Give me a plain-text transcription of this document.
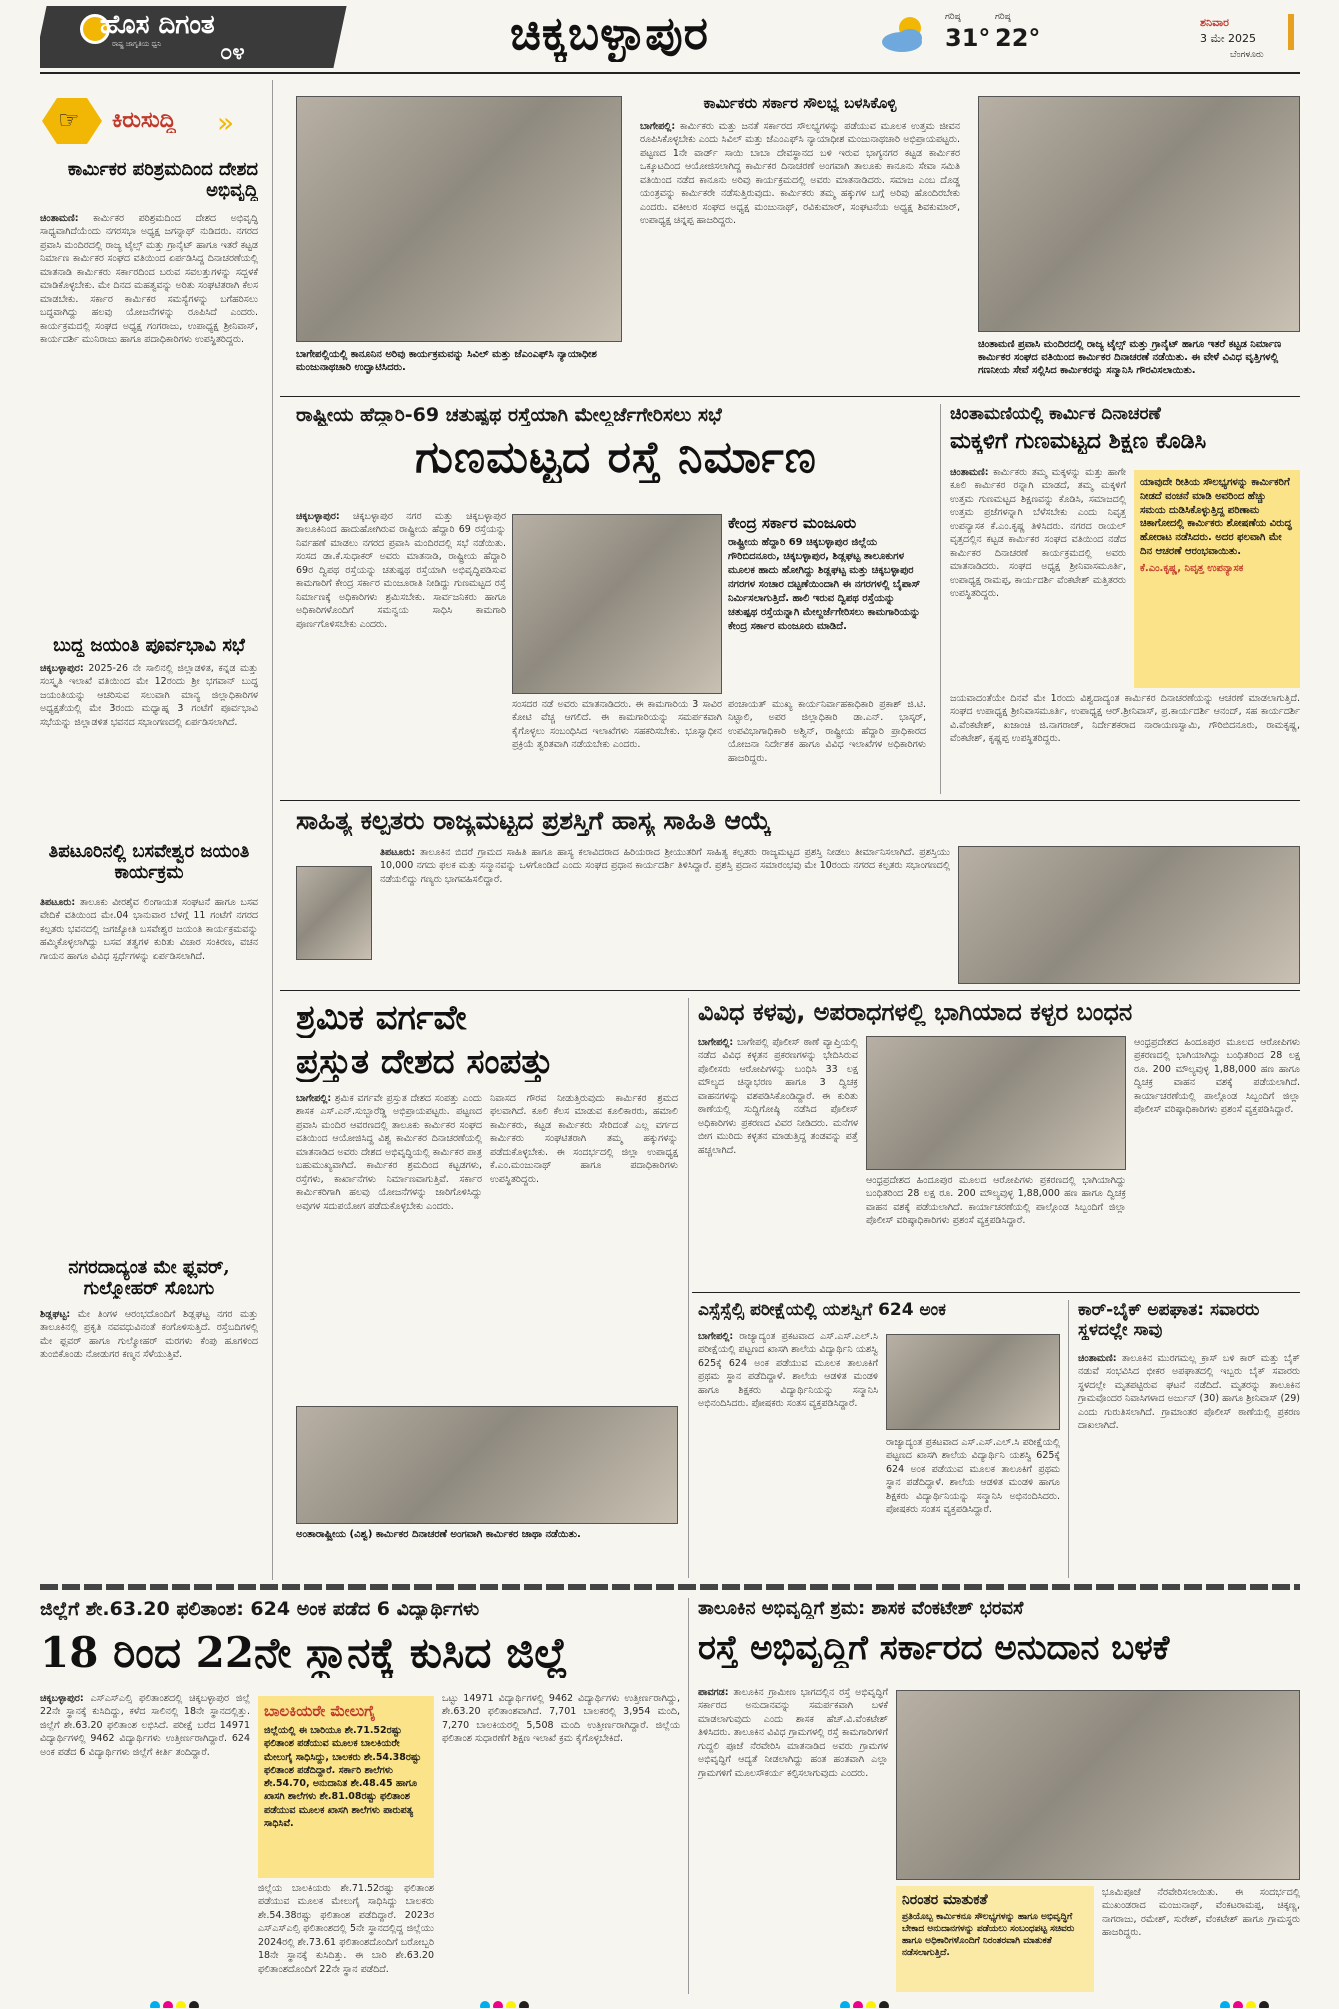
ಹೊಸ ದಿಗಂತ
ರಾಷ್ಟ್ರ ಜಾಗೃತಿಯ ಧ್ವನಿ	೦೪	ಚಿಕ್ಕಬಳ್ಳಾಪುರ	ಗರಿಷ್ಠ
31°
ಗರಿಷ್ಠ
22°
ಶನಿವಾರ
3 ಮೇ 2025
ಬೆಂಗಳೂರು
☞ ಕಿರುಸುದ್ದಿ »
ಕಾರ್ಮಿಕರ ಪರಿಶ್ರಮದಿಂದ ದೇಶದ ಅಭಿವೃದ್ಧಿ
ಚಿಂತಾಮಣಿ: ಕಾರ್ಮಿಕರ ಪರಿಶ್ರಮದಿಂದ ದೇಶದ ಅಭಿವೃದ್ಧಿ ಸಾಧ್ಯವಾಗಿದೆಯೆಂದು ನಗರಸಭಾ ಅಧ್ಯಕ್ಷ ಜಗನ್ನಾಥ್ ನುಡಿದರು. ನಗರದ ಪ್ರವಾಸಿ ಮಂದಿರದಲ್ಲಿ ರಾಜ್ಯ ಟೈಲ್ಸ್ ಮತ್ತು ಗ್ರಾನೈಟ್ ಹಾಗೂ ಇತರೆ ಕಟ್ಟಡ ನಿರ್ಮಾಣ ಕಾರ್ಮಿಕರ ಸಂಘದ ವತಿಯಿಂದ ಏರ್ಪಡಿಸಿದ್ದ ದಿನಾಚರಣೆಯಲ್ಲಿ ಮಾತನಾಡಿ ಕಾರ್ಮಿಕರು ಸರ್ಕಾರದಿಂದ ಬರುವ ಸವಲತ್ತುಗಳನ್ನು ಸದ್ಬಳಕೆ ಮಾಡಿಕೊಳ್ಳಬೇಕು. ಮೇ ದಿನದ ಮಹತ್ವವನ್ನು ಅರಿತು ಸಂಘಟಿತರಾಗಿ ಕೆಲಸ ಮಾಡಬೇಕು. ಸರ್ಕಾರ ಕಾರ್ಮಿಕರ ಸಮಸ್ಯೆಗಳನ್ನು ಬಗೆಹರಿಸಲು ಬದ್ಧವಾಗಿದ್ದು ಹಲವು ಯೋಜನೆಗಳನ್ನು ರೂಪಿಸಿದೆ ಎಂದರು. ಕಾರ್ಯಕ್ರಮದಲ್ಲಿ ಸಂಘದ ಅಧ್ಯಕ್ಷ ಗಂಗರಾಜು, ಉಪಾಧ್ಯಕ್ಷ ಶ್ರೀನಿವಾಸ್, ಕಾರ್ಯದರ್ಶಿ ಮುನಿರಾಜು ಹಾಗೂ ಪದಾಧಿಕಾರಿಗಳು ಉಪಸ್ಥಿತರಿದ್ದರು.
ಬುದ್ಧ ಜಯಂತಿ ಪೂರ್ವಭಾವಿ ಸಭೆ
ಚಿಕ್ಕಬಳ್ಳಾಪುರ: 2025-26 ನೇ ಸಾಲಿನಲ್ಲಿ ಜಿಲ್ಲಾಡಳಿತ, ಕನ್ನಡ ಮತ್ತು ಸಂಸ್ಕೃತಿ ಇಲಾಖೆ ವತಿಯಿಂದ ಮೇ 12ರಂದು ಶ್ರೀ ಭಗವಾನ್ ಬುದ್ಧ ಜಯಂತಿಯನ್ನು ಆಚರಿಸುವ ಸಲುವಾಗಿ ಮಾನ್ಯ ಜಿಲ್ಲಾಧಿಕಾರಿಗಳ ಅಧ್ಯಕ್ಷತೆಯಲ್ಲಿ ಮೇ 3ರಂದು ಮಧ್ಯಾಹ್ನ 3 ಗಂಟೆಗೆ ಪೂರ್ವಭಾವಿ ಸಭೆಯನ್ನು ಜಿಲ್ಲಾಡಳಿತ ಭವನದ ಸಭಾಂಗಣದಲ್ಲಿ ಏರ್ಪಡಿಸಲಾಗಿದೆ.
ತಿಪಟೂರಿನಲ್ಲಿ ಬಸವೇಶ್ವರ ಜಯಂತಿ ಕಾರ್ಯಕ್ರಮ
ತಿಪಟೂರು: ತಾಲೂಕು ವೀರಶೈವ ಲಿಂಗಾಯತ ಸಂಘಟನೆ ಹಾಗೂ ಬಸವ ವೇದಿಕೆ ವತಿಯಿಂದ ಮೇ.04 ಭಾನುವಾರ ಬೆಳಗ್ಗೆ 11 ಗಂಟೆಗೆ ನಗರದ ಕಲ್ಪತರು ಭವನದಲ್ಲಿ ಜಗಜ್ಯೋತಿ ಬಸವೇಶ್ವರ ಜಯಂತಿ ಕಾರ್ಯಕ್ರಮವನ್ನು ಹಮ್ಮಿಕೊಳ್ಳಲಾಗಿದ್ದು ಬಸವ ತತ್ವಗಳ ಕುರಿತು ವಿಚಾರ ಸಂಕಿರಣ, ವಚನ ಗಾಯನ ಹಾಗೂ ವಿವಿಧ ಸ್ಪರ್ಧೆಗಳನ್ನು ಏರ್ಪಡಿಸಲಾಗಿದೆ.
ನಗರದಾದ್ಯಂತ ಮೇ ಫ್ಲವರ್, ಗುಲ್ಮೋಹರ್ ಸೊಬಗು
ಶಿಡ್ಲಘಟ್ಟ: ಮೇ ತಿಂಗಳ ಆರಂಭದೊಂದಿಗೆ ಶಿಡ್ಲಘಟ್ಟ ನಗರ ಮತ್ತು ತಾಲೂಕಿನಲ್ಲಿ ಪ್ರಕೃತಿ ನವವಧುವಿನಂತೆ ಕಂಗೊಳಿಸುತ್ತಿದೆ. ರಸ್ತೆಬದಿಗಳಲ್ಲಿ ಮೇ ಫ್ಲವರ್ ಹಾಗೂ ಗುಲ್ಮೋಹರ್ ಮರಗಳು ಕೆಂಪು ಹೂಗಳಿಂದ ತುಂಬಿಕೊಂಡು ನೋಡುಗರ ಕಣ್ಮನ ಸೆಳೆಯುತ್ತಿವೆ.
ಬಾಗೇಪಲ್ಲಿಯಲ್ಲಿ ಕಾನೂನಿನ ಅರಿವು ಕಾರ್ಯಕ್ರಮವನ್ನು ಸಿವಿಲ್ ಮತ್ತು ಜೆಎಂಎಫ್‌ಸಿ ನ್ಯಾಯಾಧೀಶ ಮಂಜುನಾಥಚಾರಿ ಉದ್ಘಾಟಿಸಿದರು.
ಕಾರ್ಮಿಕರು ಸರ್ಕಾರ ಸೌಲಭ್ಯ ಬಳಸಿಕೊಳ್ಳಿ
ಬಾಗೇಪಲ್ಲಿ: ಕಾರ್ಮಿಕರು ಮತ್ತು ಜನತೆ ಸರ್ಕಾರದ ಸೌಲಭ್ಯಗಳನ್ನು ಪಡೆಯುವ ಮೂಲಕ ಉತ್ತಮ ಜೀವನ ರೂಪಿಸಿಕೊಳ್ಳಬೇಕು ಎಂದು ಸಿವಿಲ್ ಮತ್ತು ಜೆಎಂಎಫ್‌ಸಿ ನ್ಯಾಯಾಧೀಶ ಮಂಜುನಾಥಚಾರಿ ಅಭಿಪ್ರಾಯಪಟ್ಟರು. ಪಟ್ಟಣದ 1ನೇ ವಾರ್ಡ್ ಸಾಯಿ ಬಾಬಾ ದೇವಸ್ಥಾನದ ಬಳಿ ಇರುವ ಭಾಗ್ಯನಗರ ಕಟ್ಟಡ ಕಾರ್ಮಿಕರ ಒಕ್ಕೂಟದಿಂದ ಆಯೋಜಿಸಲಾಗಿದ್ದ ಕಾರ್ಮಿಕರ ದಿನಾಚರಣೆ ಅಂಗವಾಗಿ ತಾಲೂಕು ಕಾನೂನು ಸೇವಾ ಸಮಿತಿ ವತಿಯಿಂದ ನಡೆದ ಕಾನೂನು ಅರಿವು ಕಾರ್ಯಕ್ರಮದಲ್ಲಿ ಅವರು ಮಾತನಾಡಿದರು. ಸಮಾಜ ಎಂಬ ದೊಡ್ಡ ಯಂತ್ರವನ್ನು ಕಾರ್ಮಿಕರೇ ನಡೆಸುತ್ತಿರುವುದು. ಕಾರ್ಮಿಕರು ತಮ್ಮ ಹಕ್ಕುಗಳ ಬಗ್ಗೆ ಅರಿವು ಹೊಂದಿರಬೇಕು ಎಂದರು. ವಕೀಲರ ಸಂಘದ ಅಧ್ಯಕ್ಷ ಮಂಜುನಾಥ್, ರವಿಕುಮಾರ್, ಸಂಘಟನೆಯ ಅಧ್ಯಕ್ಷ ಶಿವಕುಮಾರ್, ಉಪಾಧ್ಯಕ್ಷ ಚಿನ್ನಪ್ಪ ಹಾಜರಿದ್ದರು.
ಚಿಂತಾಮಣಿ ಪ್ರವಾಸಿ ಮಂದಿರದಲ್ಲಿ ರಾಜ್ಯ ಟೈಲ್ಸ್ ಮತ್ತು ಗ್ರಾನೈಟ್ ಹಾಗೂ ಇತರೆ ಕಟ್ಟಡ ನಿರ್ಮಾಣ ಕಾರ್ಮಿಕರ ಸಂಘದ ವತಿಯಿಂದ ಕಾರ್ಮಿಕರ ದಿನಾಚರಣೆ ನಡೆಯಿತು. ಈ ವೇಳೆ ವಿವಿಧ ವೃತ್ತಿಗಳಲ್ಲಿ ಗಣನೀಯ ಸೇವೆ ಸಲ್ಲಿಸಿದ ಕಾರ್ಮಿಕರನ್ನು ಸನ್ಮಾನಿಸಿ ಗೌರವಿಸಲಾಯಿತು.
ರಾಷ್ಟ್ರೀಯ ಹೆದ್ದಾರಿ-69 ಚತುಷ್ಪಥ ರಸ್ತೆಯಾಗಿ ಮೇಲ್ದರ್ಜೆಗೇರಿಸಲು ಸಭೆ
ಗುಣಮಟ್ಟದ ರಸ್ತೆ ನಿರ್ಮಾಣ
ಚಿಕ್ಕಬಳ್ಳಾಪುರ: ಚಿಕ್ಕಬಳ್ಳಾಪುರ ನಗರ ಮತ್ತು ಚಿಕ್ಕಬಳ್ಳಾಪುರ ತಾಲೂಕಿನಿಂದ ಹಾದುಹೋಗಿರುವ ರಾಷ್ಟ್ರೀಯ ಹೆದ್ದಾರಿ 69 ರಸ್ತೆಯನ್ನು ನಿರ್ವಹಣೆ ಮಾಡಲು ನಗರದ ಪ್ರವಾಸಿ ಮಂದಿರದಲ್ಲಿ ಸಭೆ ನಡೆಯಿತು. ಸಂಸದ ಡಾ.ಕೆ.ಸುಧಾಕರ್ ಅವರು ಮಾತನಾಡಿ, ರಾಷ್ಟ್ರೀಯ ಹೆದ್ದಾರಿ 69ರ ದ್ವಿಪಥ ರಸ್ತೆಯನ್ನು ಚತುಷ್ಪಥ ರಸ್ತೆಯಾಗಿ ಅಭಿವೃದ್ಧಿಪಡಿಸುವ ಕಾಮಗಾರಿಗೆ ಕೇಂದ್ರ ಸರ್ಕಾರ ಮಂಜೂರಾತಿ ನೀಡಿದ್ದು ಗುಣಮಟ್ಟದ ರಸ್ತೆ ನಿರ್ಮಾಣಕ್ಕೆ ಅಧಿಕಾರಿಗಳು ಶ್ರಮಿಸಬೇಕು. ಸಾರ್ವಜನಿಕರು ಹಾಗೂ ಅಧಿಕಾರಿಗಳೊಂದಿಗೆ ಸಮನ್ವಯ ಸಾಧಿಸಿ ಕಾಮಗಾರಿ ಪೂರ್ಣಗೊಳಿಸಬೇಕು ಎಂದರು.
ಕೇಂದ್ರ ಸರ್ಕಾರ ಮಂಜೂರು
ರಾಷ್ಟ್ರೀಯ ಹೆದ್ದಾರಿ 69 ಚಿಕ್ಕಬಳ್ಳಾಪುರ ಜಿಲ್ಲೆಯ ಗೌರಿಬಿದನೂರು, ಚಿಕ್ಕಬಳ್ಳಾಪುರ, ಶಿಡ್ಲಘಟ್ಟ ತಾಲೂಕುಗಳ ಮೂಲಕ ಹಾದು ಹೋಗಿದ್ದು ಶಿಡ್ಲಘಟ್ಟ ಮತ್ತು ಚಿಕ್ಕಬಳ್ಳಾಪುರ ನಗರಗಳ ಸಂಚಾರ ದಟ್ಟಣೆಯಿಂದಾಗಿ ಈ ನಗರಗಳಲ್ಲಿ ಬೈಪಾಸ್ ನಿರ್ಮಿಸಲಾಗುತ್ತಿದೆ. ಹಾಲಿ ಇರುವ ದ್ವಿಪಥ ರಸ್ತೆಯನ್ನು ಚತುಷ್ಪಥ ರಸ್ತೆಯನ್ನಾಗಿ ಮೇಲ್ದರ್ಜೆಗೇರಿಸಲು ಕಾಮಗಾರಿಯನ್ನು ಕೇಂದ್ರ ಸರ್ಕಾರ ಮಂಜೂರು ಮಾಡಿದೆ.
ಸಂಸದರ ನಡೆ ಅವರು ಮಾತನಾಡಿದರು. ಈ ಕಾಮಗಾರಿಯ 3 ಸಾವಿರ ಕೋಟಿ ವೆಚ್ಚ ಆಗಲಿದೆ. ಈ ಕಾಮಗಾರಿಯನ್ನು ಸಮರ್ಪಕವಾಗಿ ಕೈಗೊಳ್ಳಲು ಸಂಬಂಧಿಸಿದ ಇಲಾಖೆಗಳು ಸಹಕರಿಸಬೇಕು. ಭೂಸ್ವಾಧೀನ ಪ್ರಕ್ರಿಯೆ ತ್ವರಿತವಾಗಿ ನಡೆಯಬೇಕು ಎಂದರು.
ಪಂಚಾಯತ್ ಮುಖ್ಯ ಕಾರ್ಯನಿರ್ವಾಹಕಾಧಿಕಾರಿ ಪ್ರಕಾಶ್ ಜಿ.ಟಿ. ನಿಟ್ಟಾಲಿ, ಅಪರ ಜಿಲ್ಲಾಧಿಕಾರಿ ಡಾ.ಎನ್. ಭಾಸ್ಕರ್, ಉಪವಿಭಾಗಾಧಿಕಾರಿ ಅಶ್ವಿನ್, ರಾಷ್ಟ್ರೀಯ ಹೆದ್ದಾರಿ ಪ್ರಾಧಿಕಾರದ ಯೋಜನಾ ನಿರ್ದೇಶಕ ಹಾಗೂ ವಿವಿಧ ಇಲಾಖೆಗಳ ಅಧಿಕಾರಿಗಳು ಹಾಜರಿದ್ದರು.
ಚಿಂತಾಮಣಿಯಲ್ಲಿ ಕಾರ್ಮಿಕ ದಿನಾಚರಣೆ
ಮಕ್ಕಳಿಗೆ ಗುಣಮಟ್ಟದ ಶಿಕ್ಷಣ ಕೊಡಿಸಿ
ಚಿಂತಾಮಣಿ: ಕಾರ್ಮಿಕರು ತಮ್ಮ ಮಕ್ಕಳನ್ನು ಮತ್ತು ಹಾಗೇ ಕೂಲಿ ಕಾರ್ಮಿಕರ ರನ್ನಾಗಿ ಮಾಡದೆ, ತಮ್ಮ ಮಕ್ಕಳಿಗೆ ಉತ್ತಮ ಗುಣಮಟ್ಟದ ಶಿಕ್ಷಣವನ್ನು ಕೊಡಿಸಿ, ಸಮಾಜದಲ್ಲಿ ಉತ್ತಮ ಪ್ರಜೆಗಳನ್ನಾಗಿ ಬೆಳೆಸಬೇಕು ಎಂದು ನಿವೃತ್ತ ಉಪನ್ಯಾಸಕ ಕೆ.ಎಂ.ಕೃಷ್ಣ ತಿಳಿಸಿದರು. ನಗರದ ರಾಯಲ್ ವೃತ್ತದಲ್ಲಿನ ಕಟ್ಟಡ ಕಾರ್ಮಿಕರ ಸಂಘದ ವತಿಯಿಂದ ನಡೆದ ಕಾರ್ಮಿಕರ ದಿನಾಚರಣೆ ಕಾರ್ಯಕ್ರಮದಲ್ಲಿ ಅವರು ಮಾತನಾಡಿದರು. ಸಂಘದ ಅಧ್ಯಕ್ಷ ಶ್ರೀನಿವಾಸಮೂರ್ತಿ, ಉಪಾಧ್ಯಕ್ಷ ರಾಮಪ್ಪ, ಕಾರ್ಯದರ್ಶಿ ವೆಂಕಟೇಶ್ ಮತ್ತಿತರರು ಉಪಸ್ಥಿತರಿದ್ದರು.
ಯಾವುದೇ ರೀತಿಯ ಸೌಲಭ್ಯಗಳನ್ನು ಕಾರ್ಮಿಕರಿಗೆ ನೀಡದೆ ವಂಚನೆ ಮಾಡಿ ಅವರಿಂದ ಹೆಚ್ಚು ಸಮಯ ದುಡಿಸಿಕೊಳ್ಳುತ್ತಿದ್ದ ಪರಿಣಾಮ ಚಿಕಾಗೋದಲ್ಲಿ ಕಾರ್ಮಿಕರು ಶೋಷಣೆಯ ವಿರುದ್ಧ ಹೋರಾಟ ನಡೆಸಿದರು. ಅದರ ಫಲವಾಗಿ ಮೇ ದಿನ ಆಚರಣೆ ಆರಂಭವಾಯಿತು.
ಕೆ.ಎಂ.ಕೃಷ್ಣ, ನಿವೃತ್ತ ಉಪನ್ಯಾಸಕ
ಜಯವಾದಂತೆಯೇ ದಿನವೆ ಮೇ 1ರಂದು ವಿಶ್ವದಾದ್ಯಂತ ಕಾರ್ಮಿಕರ ದಿನಾಚರಣೆಯನ್ನು ಆಚರಣೆ ಮಾಡಲಾಗುತ್ತಿದೆ. ಸಂಘದ ಉಪಾಧ್ಯಕ್ಷ ಶ್ರೀನಿವಾಸಮೂರ್ತಿ, ಉಪಾಧ್ಯಕ್ಷ ಆರ್.ಶ್ರೀನಿವಾಸ್, ಪ್ರ.ಕಾರ್ಯದರ್ಶಿ ಆನಂದ್, ಸಹ ಕಾರ್ಯದರ್ಶಿ ವಿ.ವೆಂಕಟೇಶ್, ಖಜಾಂಚಿ ಜಿ.ನಾಗರಾಜ್, ನಿರ್ದೇಶಕರಾದ ನಾರಾಯಣಸ್ವಾಮಿ, ಗೌರಿಬಿದನೂರು, ರಾಮಕೃಷ್ಣ, ವೆಂಕಟೇಶ್, ಕೃಷ್ಣಪ್ಪ ಉಪಸ್ಥಿತರಿದ್ದರು.
ಸಾಹಿತ್ಯ ಕಲ್ಪತರು ರಾಜ್ಯಮಟ್ಟದ ಪ್ರಶಸ್ತಿಗೆ ಹಾಸ್ಯ ಸಾಹಿತಿ ಆಯ್ಕೆ
ತಿಪಟೂರು: ತಾಲೂಕಿನ ಬಿದರೆ ಗ್ರಾಮದ ಸಾಹಿತಿ ಹಾಗೂ ಹಾಸ್ಯ ಕಲಾವಿದರಾದ ಹಿರಿಯರಾದ ಶ್ರೀಯುತರಿಗೆ ಸಾಹಿತ್ಯ ಕಲ್ಪತರು ರಾಜ್ಯಮಟ್ಟದ ಪ್ರಶಸ್ತಿ ನೀಡಲು ತೀರ್ಮಾನಿಸಲಾಗಿದೆ. ಪ್ರಶಸ್ತಿಯು 10,000 ನಗದು ಫಲಕ ಮತ್ತು ಸನ್ಮಾನವನ್ನು ಒಳಗೊಂಡಿದೆ ಎಂದು ಸಂಘದ ಪ್ರಧಾನ ಕಾರ್ಯದರ್ಶಿ ತಿಳಿಸಿದ್ದಾರೆ. ಪ್ರಶಸ್ತಿ ಪ್ರದಾನ ಸಮಾರಂಭವು ಮೇ 10ರಂದು ನಗರದ ಕಲ್ಪತರು ಸಭಾಂಗಣದಲ್ಲಿ ನಡೆಯಲಿದ್ದು ಗಣ್ಯರು ಭಾಗವಹಿಸಲಿದ್ದಾರೆ.
ಶ್ರಮಿಕ ವರ್ಗವೇ
ಪ್ರಸ್ತುತ ದೇಶದ ಸಂಪತ್ತು
ಬಾಗೇಪಲ್ಲಿ: ಶ್ರಮಿಕ ವರ್ಗವೇ ಪ್ರಸ್ತುತ ದೇಶದ ಸಂಪತ್ತು ಎಂದು ಶಾಸಕ ಎಸ್.ಎನ್.ಸುಬ್ಬಾರೆಡ್ಡಿ ಅಭಿಪ್ರಾಯಪಟ್ಟರು. ಪಟ್ಟಣದ ಪ್ರವಾಸಿ ಮಂದಿರ ಆವರಣದಲ್ಲಿ ತಾಲೂಕು ಕಾರ್ಮಿಕರ ಸಂಘದ ವತಿಯಿಂದ ಆಯೋಜಿಸಿದ್ದ ವಿಶ್ವ ಕಾರ್ಮಿಕರ ದಿನಾಚರಣೆಯಲ್ಲಿ ಮಾತನಾಡಿದ ಅವರು ದೇಶದ ಅಭಿವೃದ್ಧಿಯಲ್ಲಿ ಕಾರ್ಮಿಕರ ಪಾತ್ರ ಬಹುಮುಖ್ಯವಾಗಿದೆ. ಕಾರ್ಮಿಕರ ಶ್ರಮದಿಂದ ಕಟ್ಟಡಗಳು, ರಸ್ತೆಗಳು, ಕಾರ್ಖಾನೆಗಳು ನಿರ್ಮಾಣವಾಗುತ್ತಿವೆ. ಸರ್ಕಾರ ಕಾರ್ಮಿಕರಿಗಾಗಿ ಹಲವು ಯೋಜನೆಗಳನ್ನು ಜಾರಿಗೊಳಿಸಿದ್ದು ಅವುಗಳ ಸದುಪಯೋಗ ಪಡೆದುಕೊಳ್ಳಬೇಕು ಎಂದರು.
ನಿವಾಸದ ಗೌರವ ನೀಡುತ್ತಿರುವುದು ಕಾರ್ಮಿಕರ ಶ್ರಮದ ಫಲವಾಗಿದೆ. ಕೂಲಿ ಕೆಲಸ ಮಾಡುವ ಕೂಲಿಕಾರರು, ಹಮಾಲಿ ಕಾರ್ಮಿಕರು, ಕಟ್ಟಡ ಕಾರ್ಮಿಕರು ಸೇರಿದಂತೆ ಎಲ್ಲ ವರ್ಗದ ಕಾರ್ಮಿಕರು ಸಂಘಟಿತರಾಗಿ ತಮ್ಮ ಹಕ್ಕುಗಳನ್ನು ಪಡೆದುಕೊಳ್ಳಬೇಕು. ಈ ಸಂದರ್ಭದಲ್ಲಿ ಜಿಲ್ಲಾ ಉಪಾಧ್ಯಕ್ಷ ಕೆ.ಎಂ.ಮಂಜುನಾಥ್ ಹಾಗೂ ಪದಾಧಿಕಾರಿಗಳು ಉಪಸ್ಥಿತರಿದ್ದರು.
ಅಂತಾರಾಷ್ಟ್ರೀಯ (ವಿಶ್ವ) ಕಾರ್ಮಿಕರ ದಿನಾಚರಣೆ ಅಂಗವಾಗಿ ಕಾರ್ಮಿಕರ ಜಾಥಾ ನಡೆಯಿತು.
ವಿವಿಧ ಕಳವು, ಅಪರಾಧಗಳಲ್ಲಿ ಭಾಗಿಯಾದ ಕಳ್ಳರ ಬಂಧನ
ಬಾಗೇಪಲ್ಲಿ: ಬಾಗೇಪಲ್ಲಿ ಪೊಲೀಸ್ ಠಾಣೆ ವ್ಯಾಪ್ತಿಯಲ್ಲಿ ನಡೆದ ವಿವಿಧ ಕಳ್ಳತನ ಪ್ರಕರಣಗಳನ್ನು ಭೇದಿಸಿರುವ ಪೊಲೀಸರು ಆರೋಪಿಗಳನ್ನು ಬಂಧಿಸಿ 33 ಲಕ್ಷ ಮೌಲ್ಯದ ಚಿನ್ನಾಭರಣ ಹಾಗೂ 3 ದ್ವಿಚಕ್ರ ವಾಹನಗಳನ್ನು ವಶಪಡಿಸಿಕೊಂಡಿದ್ದಾರೆ. ಈ ಕುರಿತು ಠಾಣೆಯಲ್ಲಿ ಸುದ್ದಿಗೋಷ್ಠಿ ನಡೆಸಿದ ಪೊಲೀಸ್ ಅಧಿಕಾರಿಗಳು ಪ್ರಕರಣದ ವಿವರ ನೀಡಿದರು. ಮನೆಗಳ ಬೀಗ ಮುರಿದು ಕಳ್ಳತನ ಮಾಡುತ್ತಿದ್ದ ತಂಡವನ್ನು ಪತ್ತೆ ಹಚ್ಚಲಾಗಿದೆ.
ಆಂಧ್ರಪ್ರದೇಶದ ಹಿಂದೂಪುರ ಮೂಲದ ಆರೋಪಿಗಳು ಪ್ರಕರಣದಲ್ಲಿ ಭಾಗಿಯಾಗಿದ್ದು ಬಂಧಿತರಿಂದ 28 ಲಕ್ಷ ರೂ. 200 ಮೌಲ್ಯವುಳ್ಳ 1,88,000 ಹಣ ಹಾಗೂ ದ್ವಿಚಕ್ರ ವಾಹನ ವಶಕ್ಕೆ ಪಡೆಯಲಾಗಿದೆ. ಕಾರ್ಯಾಚರಣೆಯಲ್ಲಿ ಪಾಲ್ಗೊಂಡ ಸಿಬ್ಬಂದಿಗೆ ಜಿಲ್ಲಾ ಪೊಲೀಸ್ ವರಿಷ್ಠಾಧಿಕಾರಿಗಳು ಪ್ರಶಂಸೆ ವ್ಯಕ್ತಪಡಿಸಿದ್ದಾರೆ.
ಆಂಧ್ರಪ್ರದೇಶದ ಹಿಂದೂಪುರ ಮೂಲದ ಆರೋಪಿಗಳು ಪ್ರಕರಣದಲ್ಲಿ ಭಾಗಿಯಾಗಿದ್ದು ಬಂಧಿತರಿಂದ 28 ಲಕ್ಷ ರೂ. 200 ಮೌಲ್ಯವುಳ್ಳ 1,88,000 ಹಣ ಹಾಗೂ ದ್ವಿಚಕ್ರ ವಾಹನ ವಶಕ್ಕೆ ಪಡೆಯಲಾಗಿದೆ. ಕಾರ್ಯಾಚರಣೆಯಲ್ಲಿ ಪಾಲ್ಗೊಂಡ ಸಿಬ್ಬಂದಿಗೆ ಜಿಲ್ಲಾ ಪೊಲೀಸ್ ವರಿಷ್ಠಾಧಿಕಾರಿಗಳು ಪ್ರಶಂಸೆ ವ್ಯಕ್ತಪಡಿಸಿದ್ದಾರೆ.
ಎಸ್ಸೆಸ್ಸೆಲ್ಸಿ ಪರೀಕ್ಷೆಯಲ್ಲಿ ಯಶಸ್ವಿಗೆ 624 ಅಂಕ
ಬಾಗೇಪಲ್ಲಿ: ರಾಜ್ಯಾದ್ಯಂತ ಪ್ರಕಟವಾದ ಎಸ್.ಎಸ್.ಎಲ್.ಸಿ ಪರೀಕ್ಷೆಯಲ್ಲಿ ಪಟ್ಟಣದ ಖಾಸಗಿ ಶಾಲೆಯ ವಿದ್ಯಾರ್ಥಿನಿ ಯಶಸ್ವಿ 625ಕ್ಕೆ 624 ಅಂಕ ಪಡೆಯುವ ಮೂಲಕ ತಾಲೂಕಿಗೆ ಪ್ರಥಮ ಸ್ಥಾನ ಪಡೆದಿದ್ದಾಳೆ. ಶಾಲೆಯ ಆಡಳಿತ ಮಂಡಳಿ ಹಾಗೂ ಶಿಕ್ಷಕರು ವಿದ್ಯಾರ್ಥಿನಿಯನ್ನು ಸನ್ಮಾನಿಸಿ ಅಭಿನಂದಿಸಿದರು. ಪೋಷಕರು ಸಂತಸ ವ್ಯಕ್ತಪಡಿಸಿದ್ದಾರೆ.
ರಾಜ್ಯಾದ್ಯಂತ ಪ್ರಕಟವಾದ ಎಸ್.ಎಸ್.ಎಲ್.ಸಿ ಪರೀಕ್ಷೆಯಲ್ಲಿ ಪಟ್ಟಣದ ಖಾಸಗಿ ಶಾಲೆಯ ವಿದ್ಯಾರ್ಥಿನಿ ಯಶಸ್ವಿ 625ಕ್ಕೆ 624 ಅಂಕ ಪಡೆಯುವ ಮೂಲಕ ತಾಲೂಕಿಗೆ ಪ್ರಥಮ ಸ್ಥಾನ ಪಡೆದಿದ್ದಾಳೆ. ಶಾಲೆಯ ಆಡಳಿತ ಮಂಡಳಿ ಹಾಗೂ ಶಿಕ್ಷಕರು ವಿದ್ಯಾರ್ಥಿನಿಯನ್ನು ಸನ್ಮಾನಿಸಿ ಅಭಿನಂದಿಸಿದರು. ಪೋಷಕರು ಸಂತಸ ವ್ಯಕ್ತಪಡಿಸಿದ್ದಾರೆ.
ಕಾರ್-ಬೈಕ್ ಅಪಘಾತ: ಸವಾರರು ಸ್ಥಳದಲ್ಲೇ ಸಾವು
ಚಿಂತಾಮಣಿ: ತಾಲೂಕಿನ ಮುರಗಮಲ್ಲ ಕ್ರಾಸ್ ಬಳಿ ಕಾರ್ ಮತ್ತು ಬೈಕ್ ನಡುವೆ ಸಂಭವಿಸಿದ ಭೀಕರ ಅಪಘಾತದಲ್ಲಿ ಇಬ್ಬರು ಬೈಕ್ ಸವಾರರು ಸ್ಥಳದಲ್ಲೇ ಮೃತಪಟ್ಟಿರುವ ಘಟನೆ ನಡೆದಿದೆ. ಮೃತರನ್ನು ತಾಲೂಕಿನ ಗ್ರಾಮವೊಂದರ ನಿವಾಸಿಗಳಾದ ಅರ್ಜುನ್ (30) ಹಾಗೂ ಶ್ರೀನಿವಾಸ್ (29) ಎಂದು ಗುರುತಿಸಲಾಗಿದೆ. ಗ್ರಾಮಾಂತರ ಪೊಲೀಸ್ ಠಾಣೆಯಲ್ಲಿ ಪ್ರಕರಣ ದಾಖಲಾಗಿದೆ.
ಜಿಲ್ಲೆಗೆ ಶೇ.63.20 ಫಲಿತಾಂಶ: 624 ಅಂಕ ಪಡೆದ 6 ವಿದ್ಯಾರ್ಥಿಗಳು
18 ರಿಂದ 22ನೇ ಸ್ಥಾನಕ್ಕೆ ಕುಸಿದ ಜಿಲ್ಲೆ
ಚಿಕ್ಕಬಳ್ಳಾಪುರ: ಎಸ್ಎಸ್ಎಲ್ಸಿ ಫಲಿತಾಂಶದಲ್ಲಿ ಚಿಕ್ಕಬಳ್ಳಾಪುರ ಜಿಲ್ಲೆ 22ನೇ ಸ್ಥಾನಕ್ಕೆ ಕುಸಿದಿದ್ದು, ಕಳೆದ ಸಾಲಿನಲ್ಲಿ 18ನೇ ಸ್ಥಾನದಲ್ಲಿತ್ತು. ಜಿಲ್ಲೆಗೆ ಶೇ.63.20 ಫಲಿತಾಂಶ ಲಭಿಸಿದೆ. ಪರೀಕ್ಷೆ ಬರೆದ 14971 ವಿದ್ಯಾರ್ಥಿಗಳಲ್ಲಿ 9462 ವಿದ್ಯಾರ್ಥಿಗಳು ಉತ್ತೀರ್ಣರಾಗಿದ್ದಾರೆ. 624 ಅಂಕ ಪಡೆದ 6 ವಿದ್ಯಾರ್ಥಿಗಳು ಜಿಲ್ಲೆಗೆ ಕೀರ್ತಿ ತಂದಿದ್ದಾರೆ.
ಬಾಲಕಿಯರೇ ಮೇಲುಗೈ
ಜಿಲ್ಲೆಯಲ್ಲಿ ಈ ಬಾರಿಯೂ ಶೇ.71.52ರಷ್ಟು ಫಲಿತಾಂಶ ಪಡೆಯುವ ಮೂಲಕ ಬಾಲಕಿಯರೇ ಮೇಲುಗೈ ಸಾಧಿಸಿದ್ದು, ಬಾಲಕರು ಶೇ.54.38ರಷ್ಟು ಫಲಿತಾಂಶ ಪಡೆದಿದ್ದಾರೆ. ಸರ್ಕಾರಿ ಶಾಲೆಗಳು ಶೇ.54.70, ಅನುದಾನಿತ ಶೇ.48.45 ಹಾಗೂ ಖಾಸಗಿ ಶಾಲೆಗಳು ಶೇ.81.08ರಷ್ಟು ಫಲಿತಾಂಶ ಪಡೆಯುವ ಮೂಲಕ ಖಾಸಗಿ ಶಾಲೆಗಳು ಪಾರುಪತ್ಯ ಸಾಧಿಸಿವೆ.
ಜಿಲ್ಲೆಯ ಬಾಲಕಿಯರು ಶೇ.71.52ರಷ್ಟು ಫಲಿತಾಂಶ ಪಡೆಯುವ ಮೂಲಕ ಮೇಲುಗೈ ಸಾಧಿಸಿದ್ದು ಬಾಲಕರು ಶೇ.54.38ರಷ್ಟು ಫಲಿತಾಂಶ ಪಡೆದಿದ್ದಾರೆ. 2023ರ ಎಸ್ಎಸ್ಎಲ್ಸಿ ಫಲಿತಾಂಶದಲ್ಲಿ 5ನೇ ಸ್ಥಾನದಲ್ಲಿದ್ದ ಜಿಲ್ಲೆಯು 2024ರಲ್ಲಿ ಶೇ.73.61 ಫಲಿತಾಂಶದೊಂದಿಗೆ ಬರೋಬ್ಬರಿ 18ನೇ ಸ್ಥಾನಕ್ಕೆ ಕುಸಿದಿತ್ತು. ಈ ಬಾರಿ ಶೇ.63.20 ಫಲಿತಾಂಶದೊಂದಿಗೆ 22ನೇ ಸ್ಥಾನ ಪಡೆದಿದೆ.
ಒಟ್ಟು 14971 ವಿದ್ಯಾರ್ಥಿಗಳಲ್ಲಿ 9462 ವಿದ್ಯಾರ್ಥಿಗಳು ಉತ್ತೀರ್ಣರಾಗಿದ್ದು, ಶೇ.63.20 ಫಲಿತಾಂಶವಾಗಿದೆ. 7,701 ಬಾಲಕರಲ್ಲಿ 3,954 ಮಂದಿ, 7,270 ಬಾಲಕಿಯರಲ್ಲಿ 5,508 ಮಂದಿ ಉತ್ತೀರ್ಣರಾಗಿದ್ದಾರೆ. ಜಿಲ್ಲೆಯ ಫಲಿತಾಂಶ ಸುಧಾರಣೆಗೆ ಶಿಕ್ಷಣ ಇಲಾಖೆ ಕ್ರಮ ಕೈಗೊಳ್ಳಬೇಕಿದೆ.
ತಾಲೂಕಿನ ಅಭಿವೃದ್ಧಿಗೆ ಶ್ರಮ: ಶಾಸಕ ವೆಂಕಟೇಶ್ ಭರವಸೆ
ರಸ್ತೆ ಅಭಿವೃದ್ಧಿಗೆ ಸರ್ಕಾರದ ಅನುದಾನ ಬಳಕೆ
ಪಾವಗಡ: ತಾಲೂಕಿನ ಗ್ರಾಮೀಣ ಭಾಗದಲ್ಲಿನ ರಸ್ತೆ ಅಭಿವೃದ್ಧಿಗೆ ಸರ್ಕಾರದ ಅನುದಾನವನ್ನು ಸಮರ್ಪಕವಾಗಿ ಬಳಕೆ ಮಾಡಲಾಗುವುದು ಎಂದು ಶಾಸಕ ಹೆಚ್.ವಿ.ವೆಂಕಟೇಶ್ ತಿಳಿಸಿದರು. ತಾಲೂಕಿನ ವಿವಿಧ ಗ್ರಾಮಗಳಲ್ಲಿ ರಸ್ತೆ ಕಾಮಗಾರಿಗಳಿಗೆ ಗುದ್ದಲಿ ಪೂಜೆ ನೆರವೇರಿಸಿ ಮಾತನಾಡಿದ ಅವರು ಗ್ರಾಮಗಳ ಅಭಿವೃದ್ಧಿಗೆ ಆದ್ಯತೆ ನೀಡಲಾಗಿದ್ದು ಹಂತ ಹಂತವಾಗಿ ಎಲ್ಲಾ ಗ್ರಾಮಗಳಿಗೆ ಮೂಲಸೌಕರ್ಯ ಕಲ್ಪಿಸಲಾಗುವುದು ಎಂದರು.
ನಿರಂತರ ಮಾತುಕತೆ
ಪ್ರತಿಯೊಬ್ಬ ಕಾರ್ಮಿಕನೂ ಸೌಲಭ್ಯಗಳನ್ನು ಹಾಗೂ ಅಭಿವೃದ್ಧಿಗೆ ಬೇಕಾದ ಅನುದಾನಗಳನ್ನು ಪಡೆಯಲು ಸಂಬಂಧಪಟ್ಟ ಸಚಿವರು ಹಾಗೂ ಅಧಿಕಾರಿಗಳೊಂದಿಗೆ ನಿರಂತರವಾಗಿ ಮಾತುಕತೆ ನಡೆಸಲಾಗುತ್ತಿದೆ.
ಭೂಮಿಪೂಜೆ ನೆರವೇರಿಸಲಾಯಿತು. ಈ ಸಂದರ್ಭದಲ್ಲಿ ಮುಖಂಡರಾದ ಮಂಜುನಾಥ್, ವೆಂಕಟರಾಮಪ್ಪ, ಚಿಕ್ಕಣ್ಣ, ನಾಗರಾಜು, ರಮೇಶ್, ಸುರೇಶ್, ವೆಂಕಟೇಶ್ ಹಾಗೂ ಗ್ರಾಮಸ್ಥರು ಹಾಜರಿದ್ದರು.
